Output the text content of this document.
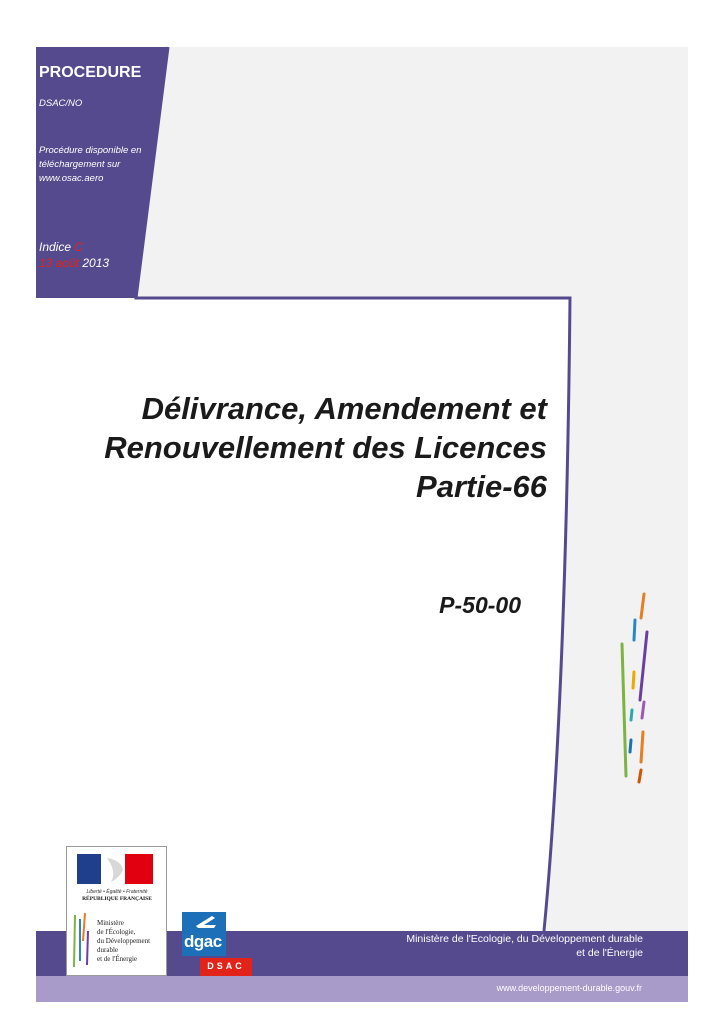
PROCEDURE
DSAC/NO
Procédure disponible en
téléchargement sur
www.osac.aero
Indice C
13 août 2013
Délivrance, Amendement et
Renouvellement des Licences
Partie-66
P-50-00
Liberté • Égalité • Fraternité
RÉPUBLIQUE FRANÇAISE
Ministère
de l'Écologie,
du Développement
durable
et de l'Énergie
dgac
DSAC
Ministère de l'Ecologie, du Développement durable
et de l'Énergie
www.developpement-durable.gouv.fr
